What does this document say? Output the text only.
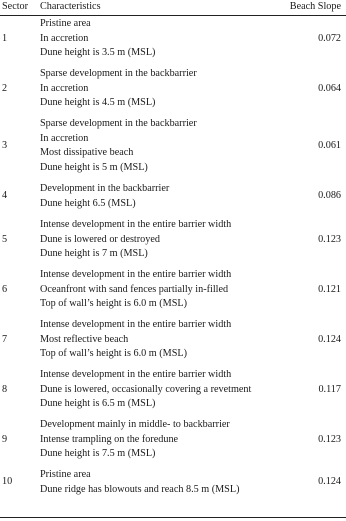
Sector Characteristics	Beach Slope
1
Pristine area
In accretion
Dune height is 3.5 m (MSL)
0.072
2
Sparse development in the backbarrier
In accretion
Dune height is 4.5 m (MSL)
0.064
3
Sparse development in the backbarrier
In accretion
Most dissipative beach
Dune height is 5 m (MSL)
0.061
4
Development in the backbarrier
Dune height 6.5 (MSL)
0.086
5
Intense development in the entire barrier width
Dune is lowered or destroyed
Dune height is 7 m (MSL)
0.123
6
Intense development in the entire barrier width
Oceanfront with sand fences partially in-filled
Top of wall’s height is 6.0 m (MSL)
0.121
7
Intense development in the entire barrier width
Most reflective beach
Top of wall’s height is 6.0 m (MSL)
0.124
8
Intense development in the entire barrier width
Dune is lowered, occasionally covering a revetment
Dune height is 6.5 m (MSL)
0.117
9
Development mainly in middle- to backbarrier
Intense trampling on the foredune
Dune height is 7.5 m (MSL)
0.123
10
Pristine area
Dune ridge has blowouts and reach 8.5 m (MSL)
0.124
